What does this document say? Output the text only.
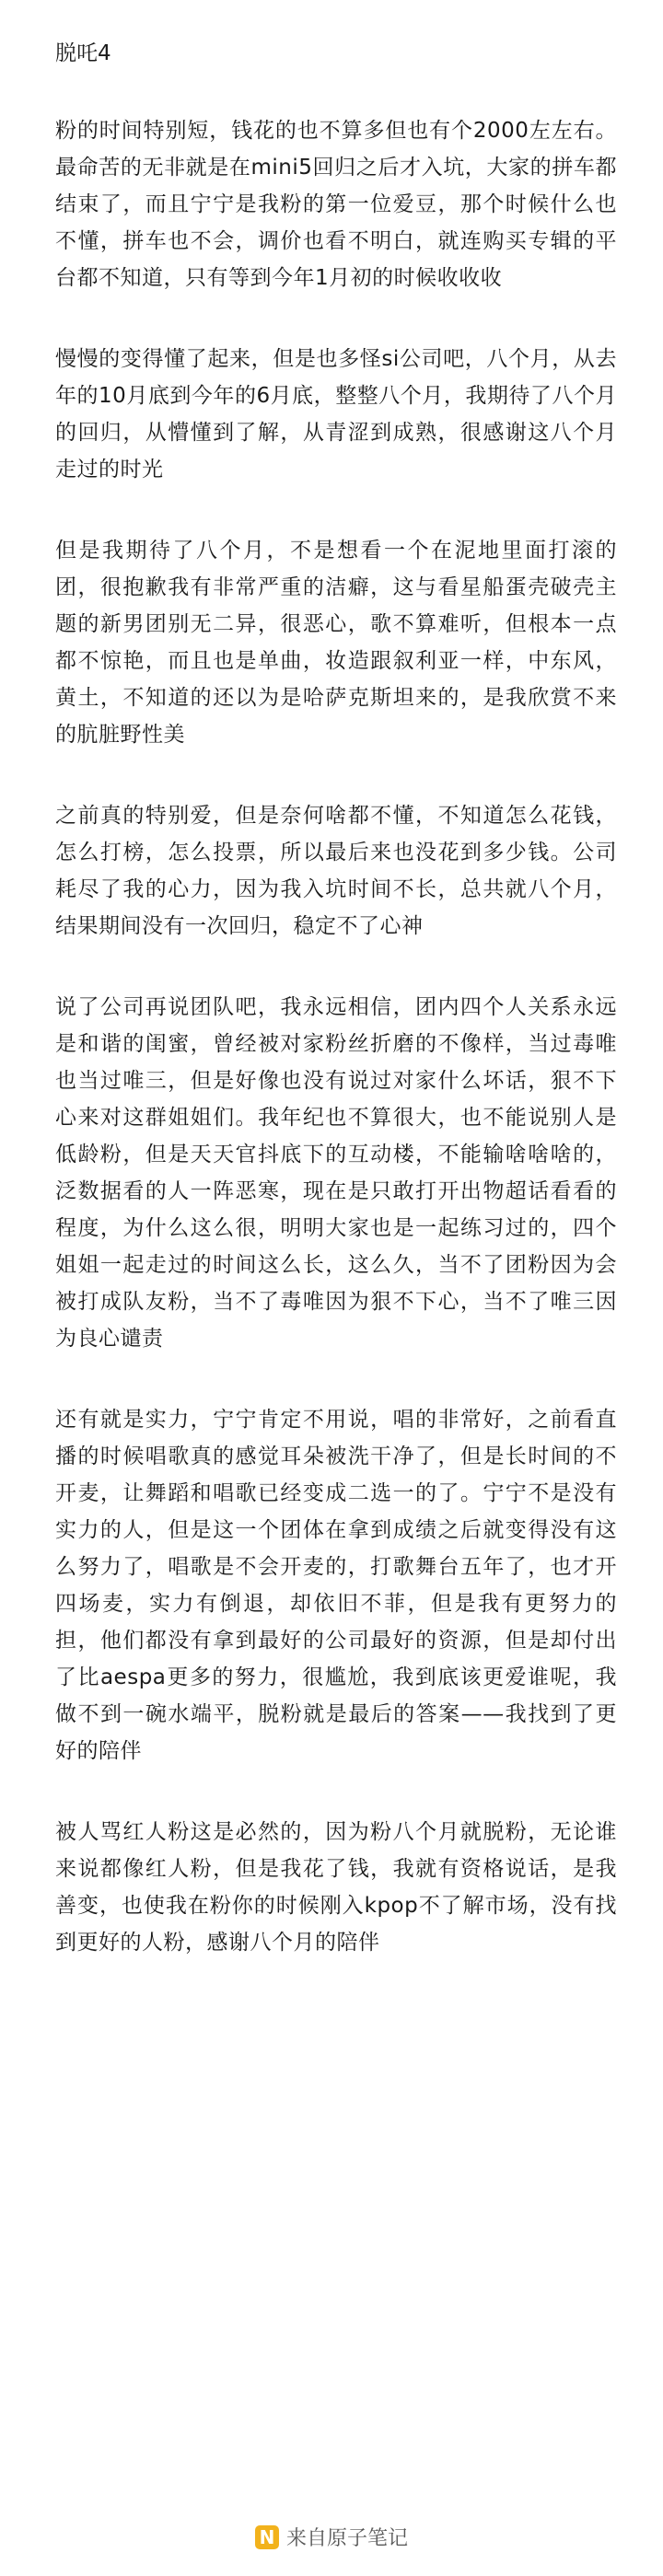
脱吒4

粉的时间特别短，钱花的也不算多但也有个2000左左右。最命苦的无非就是在mini5回归之后才入坑，大家的拼车都结束了，而且宁宁是我粉的第一位爱豆，那个时候什么也不懂，拼车也不会，调价也看不明白，就连购买专辑的平台都不知道，只有等到今年1月初的时候收收收

慢慢的变得懂了起来，但是也多怪si公司吧，八个月，从去年的10月底到今年的6月底，整整八个月，我期待了八个月的回归，从懵懂到了解，从青涩到成熟，很感谢这八个月走过的时光

但是我期待了八个月，不是想看一个在泥地里面打滚的团，很抱歉我有非常严重的洁癖，这与看星船蛋壳破壳主题的新男团别无二异，很恶心，歌不算难听，但根本一点都不惊艳，而且也是单曲，妆造跟叙利亚一样，中东风，黄土，不知道的还以为是哈萨克斯坦来的，是我欣赏不来的肮脏野性美

之前真的特别爱，但是奈何啥都不懂，不知道怎么花钱，怎么打榜，怎么投票，所以最后来也没花到多少钱。公司耗尽了我的心力，因为我入坑时间不长，总共就八个月，结果期间没有一次回归，稳定不了心神

说了公司再说团队吧，我永远相信，团内四个人关系永远是和谐的闺蜜，曾经被对家粉丝折磨的不像样，当过毒唯也当过唯三，但是好像也没有说过对家什么坏话，狠不下心来对这群姐姐们。我年纪也不算很大，也不能说别人是低龄粉，但是天天官抖底下的互动楼，不能输啥啥啥的，泛数据看的人一阵恶寒，现在是只敢打开出物超话看看的程度，为什么这么很，明明大家也是一起练习过的，四个姐姐一起走过的时间这么长，这么久，当不了团粉因为会被打成队友粉，当不了毒唯因为狠不下心，当不了唯三因为良心谴责

还有就是实力，宁宁肯定不用说，唱的非常好，之前看直播的时候唱歌真的感觉耳朵被洗干净了，但是长时间的不开麦，让舞蹈和唱歌已经变成二选一的了。宁宁不是没有实力的人，但是这一个团体在拿到成绩之后就变得没有这么努力了，唱歌是不会开麦的，打歌舞台五年了，也才开四场麦，实力有倒退，却依旧不菲，但是我有更努力的担，他们都没有拿到最好的公司最好的资源，但是却付出了比aespa更多的努力，很尴尬，我到底该更爱谁呢，我做不到一碗水端平，脱粉就是最后的答案——我找到了更好的陪伴

被人骂红人粉这是必然的，因为粉八个月就脱粉，无论谁来说都像红人粉，但是我花了钱，我就有资格说话，是我善变，也使我在粉你的时候刚入kpop不了解市场，没有找到更好的人粉，感谢八个月的陪伴

N 来自原子笔记
